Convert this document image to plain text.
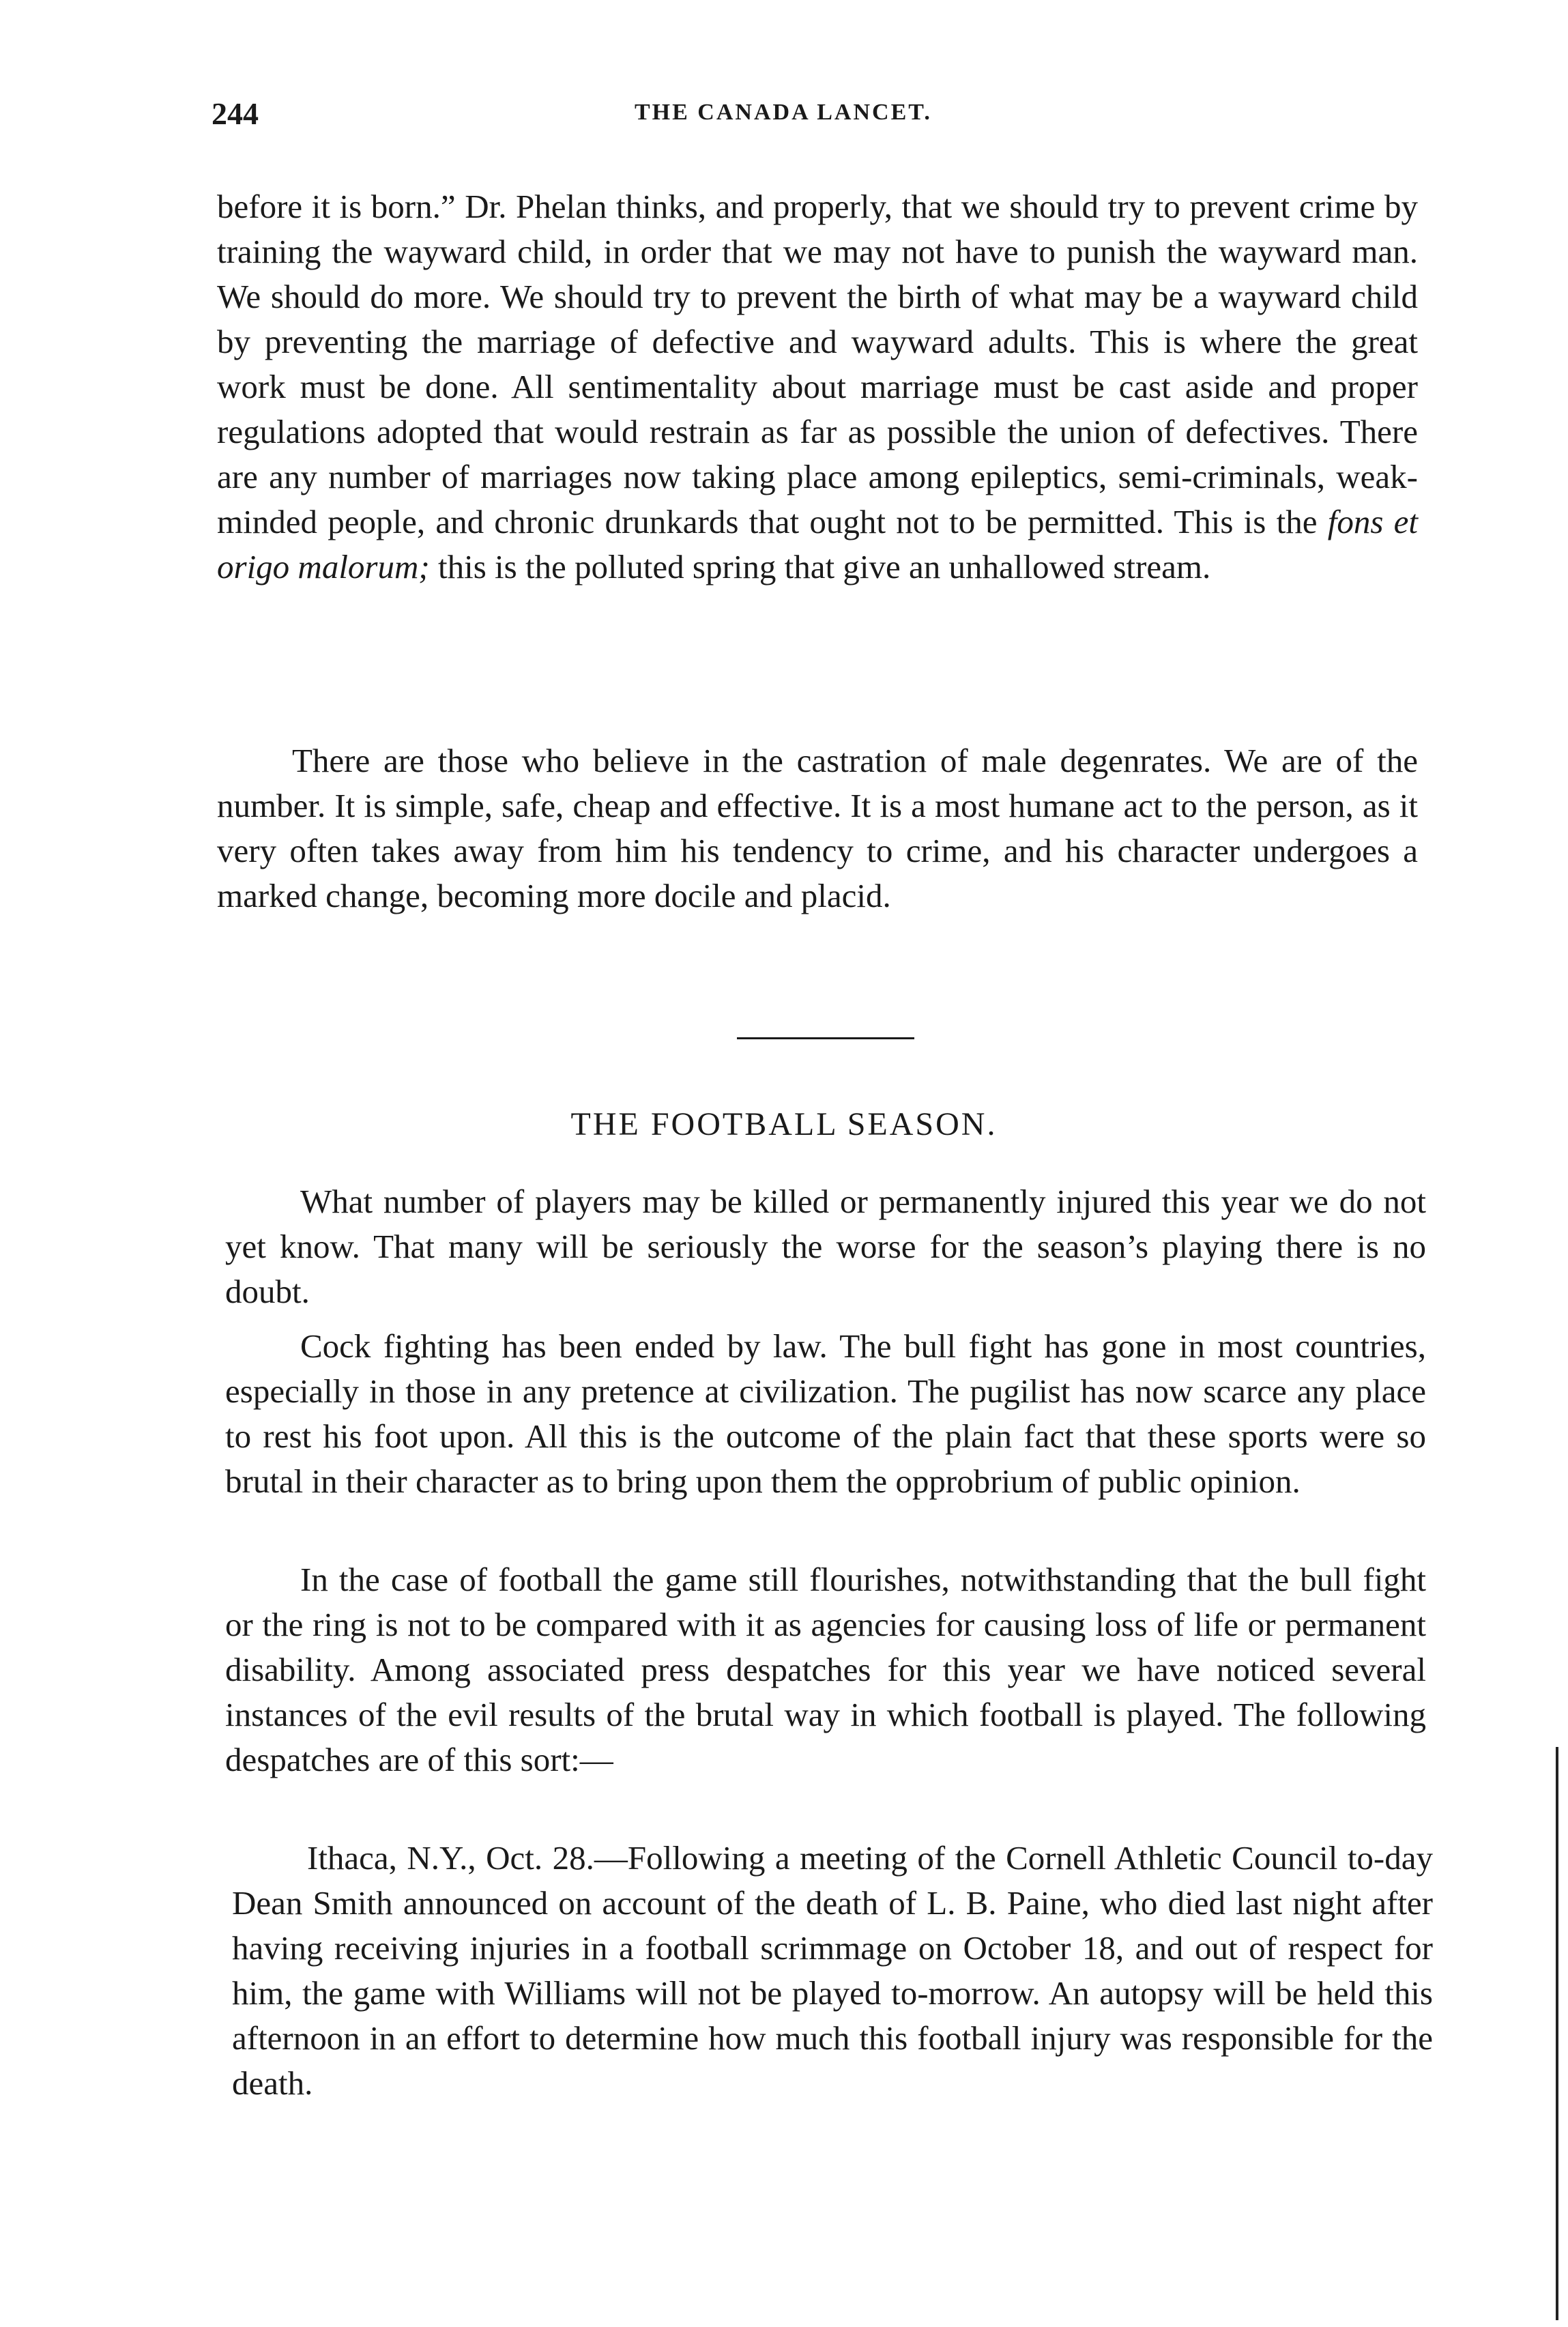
244	THE CANADA LANCET.

before it is born.” Dr. Phelan thinks, and properly, that we should try to prevent crime by training the wayward child, in order that we may not have to punish the wayward man. We should do more. We should try to prevent the birth of what may be a wayward child by preventing the marriage of defective and wayward adults. This is where the great work must be done. All sentimentality about marriage must be cast aside and proper regulations adopted that would restrain as far as possible the union of defectives. There are any number of marriages now taking place among epileptics, semi-criminals, weak-minded people, and chronic drunkards that ought not to be permitted. This is the fons et origo malorum; this is the polluted spring that give an unhallowed stream.

There are those who believe in the castration of male degenrates. We are of the number. It is simple, safe, cheap and effective. It is a most humane act to the person, as it very often takes away from him his tendency to crime, and his character undergoes a marked change, becoming more docile and placid.

THE FOOTBALL SEASON.

What number of players may be killed or permanently injured this year we do not yet know. That many will be seriously the worse for the season’s playing there is no doubt.

Cock fighting has been ended by law. The bull fight has gone in most countries, especially in those in any pretence at civilization. The pugilist has now scarce any place to rest his foot upon. All this is the outcome of the plain fact that these sports were so brutal in their character as to bring upon them the opprobrium of public opinion.

In the case of football the game still flourishes, notwithstanding that the bull fight or the ring is not to be compared with it as agencies for causing loss of life or permanent disability. Among associated press despatches for this year we have noticed several instances of the evil results of the brutal way in which football is played. The following despatches are of this sort:—

Ithaca, N.Y., Oct. 28.—Following a meeting of the Cornell Athletic Council to-day Dean Smith announced on account of the death of L. B. Paine, who died last night after having receiving injuries in a football scrimmage on October 18, and out of respect for him, the game with Williams will not be played to-morrow. An autopsy will be held this afternoon in an effort to determine how much this football injury was responsible for the death.
